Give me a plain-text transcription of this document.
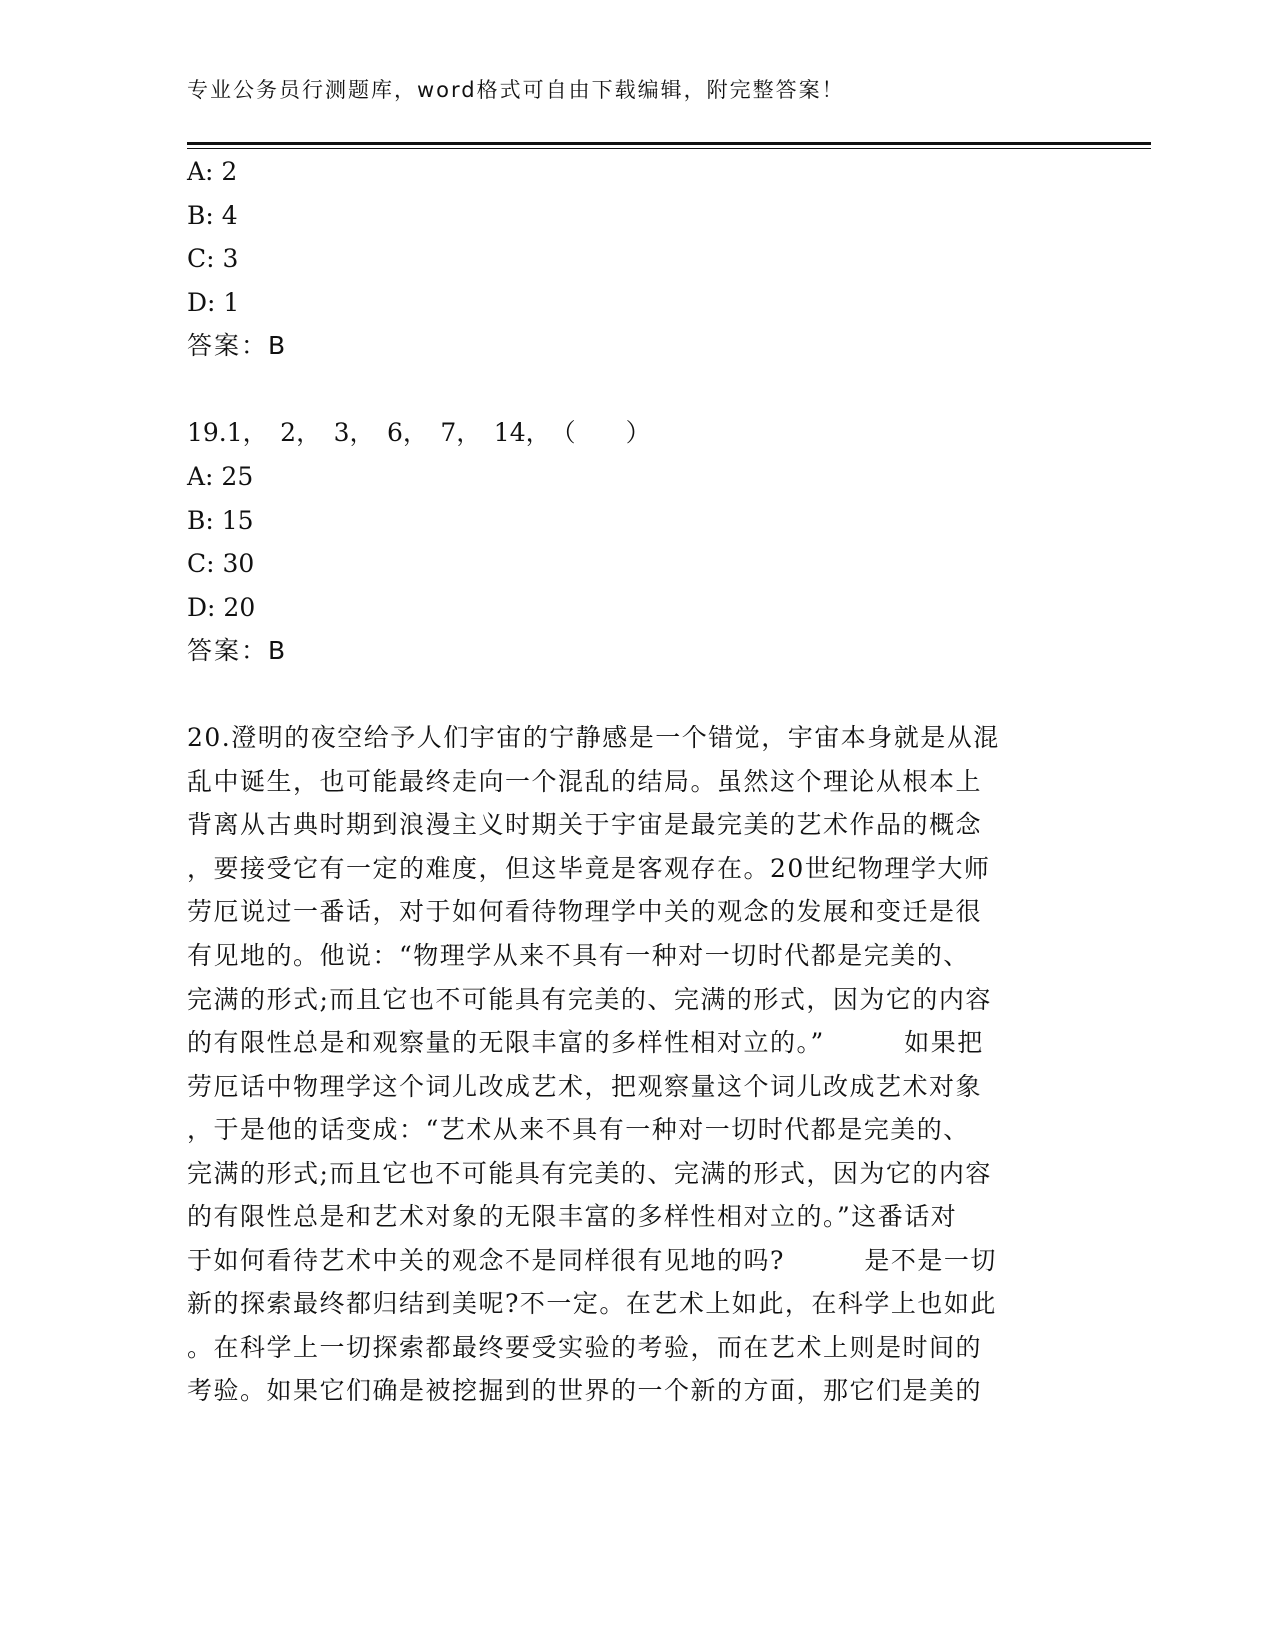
专业公务员行测题库，word格式可自由下载编辑，附完整答案！
A: 2
B: 4
C: 3
D: 1
答案：B
19.1，　2，　3，　6，　7，　14，　（　　）
A: 25
B: 15
C: 30
D: 20
答案：B
20.澄明的夜空给予人们宇宙的宁静感是一个错觉，宇宙本身就是从混
乱中诞生，也可能最终走向一个混乱的结局。虽然这个理论从根本上
背离从古典时期到浪漫主义时期关于宇宙是最完美的艺术作品的概念
，要接受它有一定的难度，但这毕竟是客观存在。20世纪物理学大师
劳厄说过一番话，对于如何看待物理学中关的观念的发展和变迁是很
有见地的。他说：“物理学从来不具有一种对一切时代都是完美的、
完满的形式;而且它也不可能具有完美的、完满的形式，因为它的内容
的有限性总是和观察量的无限丰富的多样性相对立的。”　　　如果把
劳厄话中物理学这个词儿改成艺术，把观察量这个词儿改成艺术对象
，于是他的话变成：“艺术从来不具有一种对一切时代都是完美的、
完满的形式;而且它也不可能具有完美的、完满的形式，因为它的内容
的有限性总是和艺术对象的无限丰富的多样性相对立的。”这番话对
于如何看待艺术中关的观念不是同样很有见地的吗?　　　是不是一切
新的探索最终都归结到美呢?不一定。在艺术上如此，在科学上也如此
。在科学上一切探索都最终要受实验的考验，而在艺术上则是时间的
考验。如果它们确是被挖掘到的世界的一个新的方面，那它们是美的
